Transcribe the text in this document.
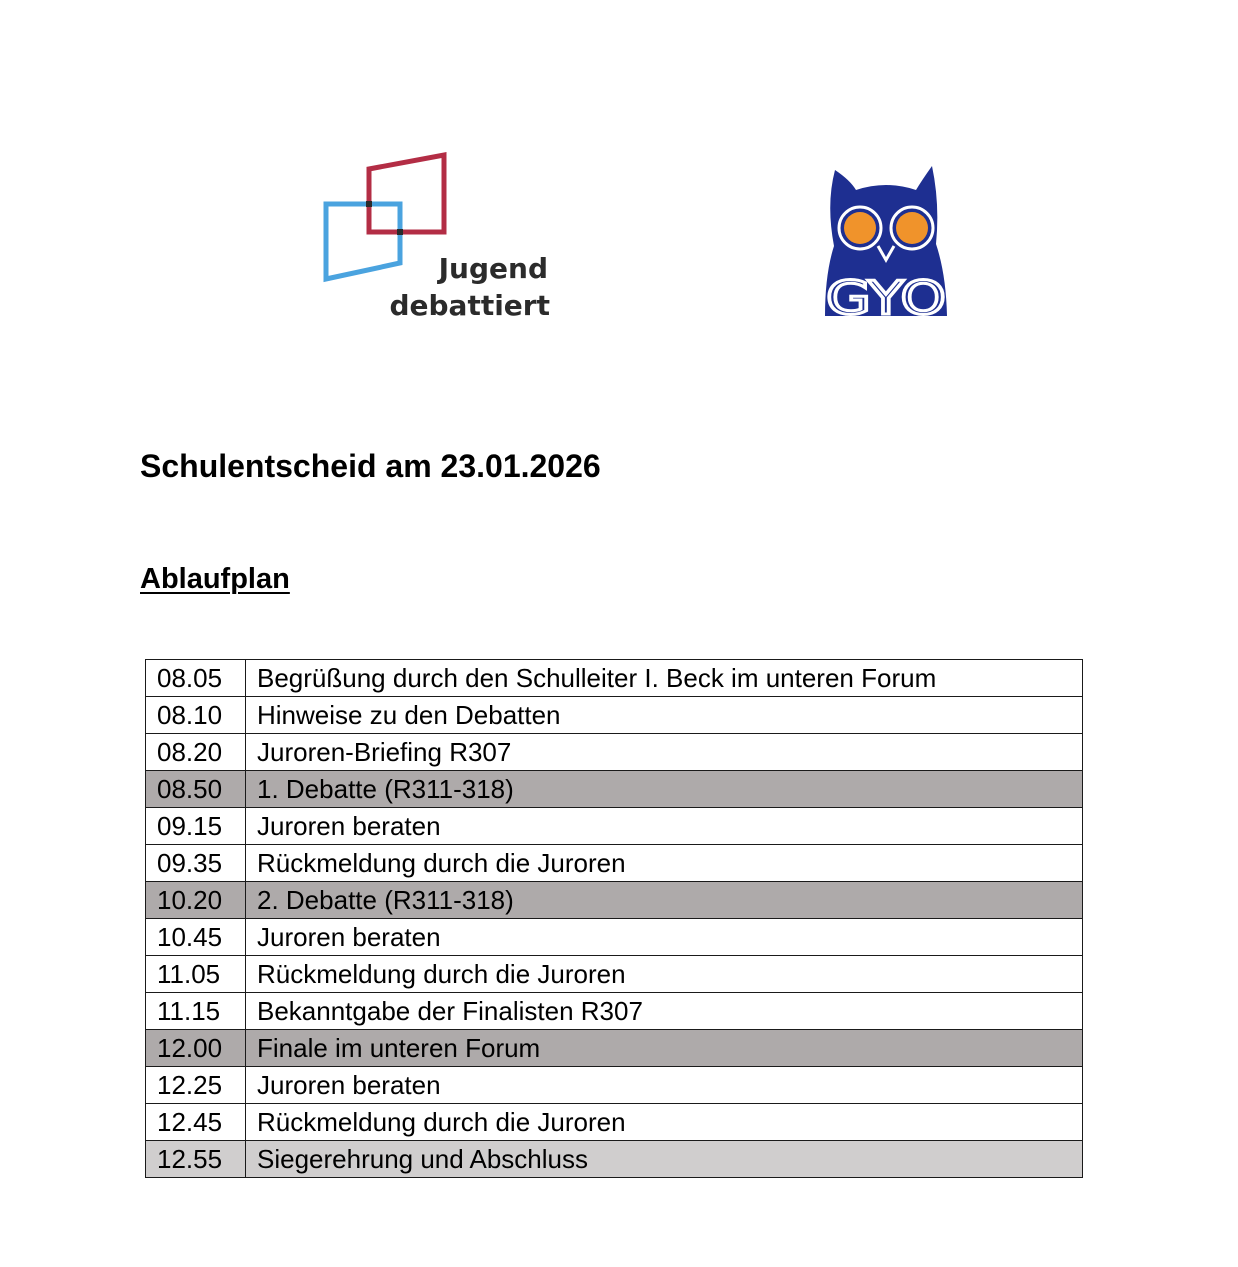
Jugend
debattiert	GYO
Schulentscheid am 23.01.2026
Ablaufplan
08.05	Begrüßung durch den Schulleiter I. Beck im unteren Forum
08.10	Hinweise zu den Debatten
08.20	Juroren-Briefing R307
08.50	1. Debatte (R311-318)
09.15	Juroren beraten
09.35	Rückmeldung durch die Juroren
10.20	2. Debatte (R311-318)
10.45	Juroren beraten
11.05	Rückmeldung durch die Juroren
11.15	Bekanntgabe der Finalisten R307
12.00	Finale im unteren Forum
12.25	Juroren beraten
12.45	Rückmeldung durch die Juroren
12.55	Siegerehrung und Abschluss
